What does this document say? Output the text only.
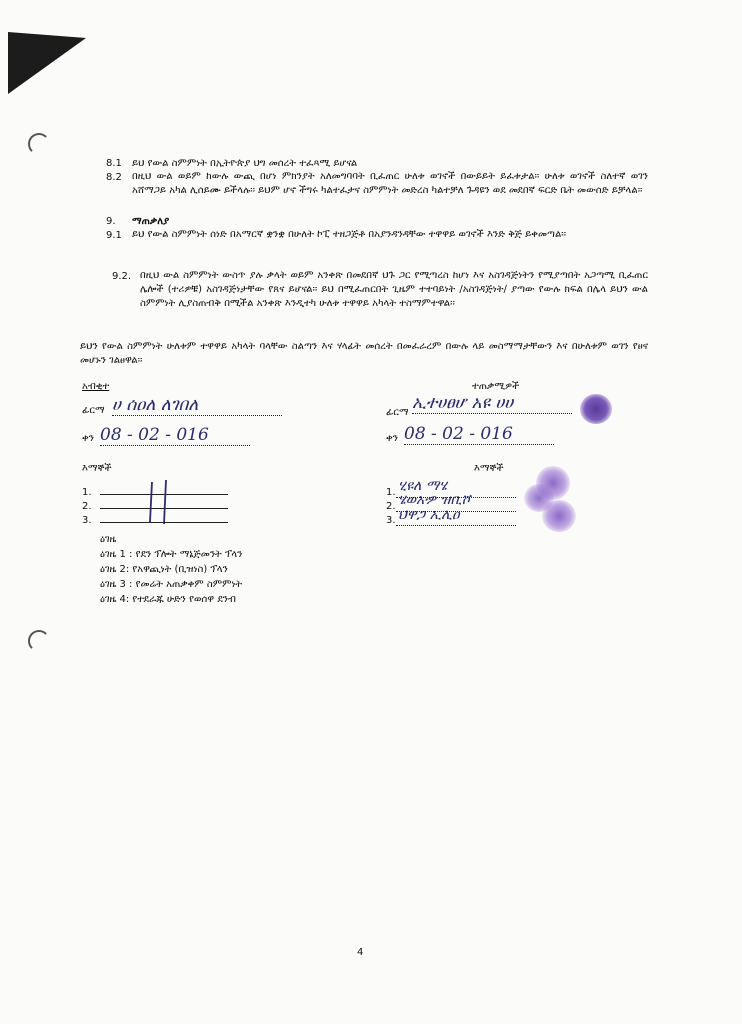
8.1 ይህ የውል ስምምነት በኢትዮጵያ ህግ መሰረት ተፈጻሚ ይሆናል
8.2 በዚህ ውል ወይም ከውሉ ውጪ በሆነ ምክንያት አለመግባባት ቢፈጠር ሁለቱ ወገኖች በውይይት ይፈቱታል፡፡ ሁለቱ ወገኖች ስለተኛ ወገን አሸማጋይ አካል ሊሰይሙ ይችላሉ፡፡ ይህም ሆኖ ችግሩ ካልተፈታና ስምምነት መድረስ ካልተቻለ ጉዳዩን ወደ መደበኛ ፍርድ ቤት መውሰድ ይቻላል፡፡
9. ማጠቃለያ
9.1 ይህ የውል ስምምነት ሰነድ በአማርኛ ቋንቋ በሁለት ኮፒ ተዘጋጅቶ በአያንዳንዳቸው ተዋዋይ ወገኖች እንድ ቅጅ ይቀመጣል፡፡
9.2. በዚህ ውል ስምምነት ውስጥ ያሉ ቃላት ወይም አንቀጽ በመደበኛ ህጉ ጋር የሚጣረስ ከሆነ እና አስገዳጅነትን የሚያጣበት አጋጣሚ ቢፈጠር ሌሎች (ተሪዎቹ) አስገዳጅነታቸው የጸና ይሆናል፡፡ ይህ በሚፈጠርበት ጊዜም ተተባይነት /አስገዳጅነት/ ያጣው የውሉ ክፍል በሌላ ይህን ውል ስምምነት ሊያስጠብቅ በሚችል አንቀጽ እንዲተካ ሁለቱ ተዋዋይ አካላት ተስማምተዋል፡፡
ይህን የውል ስምምነት ሁለቱም ተዋዋይ አካላት ባላቸው ስልጣን እና ሃላፊት መሰረት በመፈራረም በውሉ ላይ መስማማታቸውን እና በሁለቱም ወገን የፀና መሆኑን ገልፀዋል፡፡
አብቂተ
ፊርማ ሀ ሰዐለ ለገበለ
ቀን 08 - 02 - 016
ተጠቃሚዎች
ፊርማ ኢተሀፀሆ አዩ ሀሀ
ቀን 08 - 02 - 016
እማኞች
1.
2.
3.
እማኞች
1. ሂዩለ ማሄ
2. ሄወአዏ ዝቢሾ
3. ህዋጋ ኢሊዐ
ዕገዜ
ዕገዜ 1 : የደን ፕሎት ማኔጅመንት ፕላን
ዕገዜ 2: የአዋጪነት (ቢዝነስ) ፕላን
ዕገዜ 3 : የመሬት አጠቃቀም ስምምነት
ዕገዜ 4: የተደራጁ ሁድን የወሰዋ ደንብ
4
